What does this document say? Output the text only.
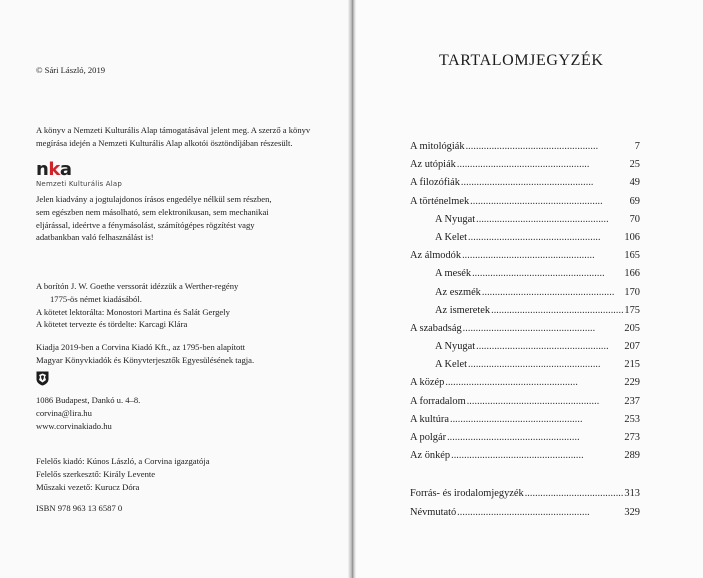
© Sári László, 2019

A könyv a Nemzeti Kulturális Alap támogatásával jelent meg. A szerző a könyv

megírása idején a Nemzeti Kulturális Alap alkotói ösztöndíjában részesült.

nka
Nemzeti Kulturális Alap

Jelen kiadvány a jogtulajdonos írásos engedélye nélkül sem részben,

sem egészben nem másolható, sem elektronikusan, sem mechanikai

eljárással, ideértve a fénymásolást, számítógépes rögzítést vagy

adatbankban való felhasználást is!

A borítón J. W. Goethe verssorát idézzük a Werther-regény

1775-ös német kiadásából.

A kötetet lektorálta: Monostori Martina és Salát Gergely

A kötetet tervezte és tördelte: Karcagi Klára

Kiadja 2019-ben a Corvina Kiadó Kft., az 1795-ben alapított

Magyar Könyvkiadók és Könyvterjesztők Egyesülésének tagja.

1086 Budapest, Dankó u. 4–8.

corvina@lira.hu

www.corvinakiado.hu

Felelős kiadó: Kúnos László, a Corvina igazgatója

Felelős szerkesztő: Király Levente

Műszaki vezető: Kurucz Dóra

ISBN 978 963 13 6587 0

TARTALOMJEGYZÉK
A mitológiák . . .	7
Az utópiák . . .	25
A filozófiák . . .	49
A történelmek . . .	69
A Nyugat . . .	70
A Kelet . . .	106
Az álmodók . . .	165
A mesék . . .	166
Az eszmék . . .	170
Az ismeretek . . .	175
A szabadság . . .	205
A Nyugat . . .	207
A Kelet . . .	215
A közép . . .	229
A forradalom . . .	237
A kultúra . . .	253
A polgár . . .	273
Az önkép . . .	289
Forrás- és irodalomjegyzék . . .	313
Névmutató . . .	329
